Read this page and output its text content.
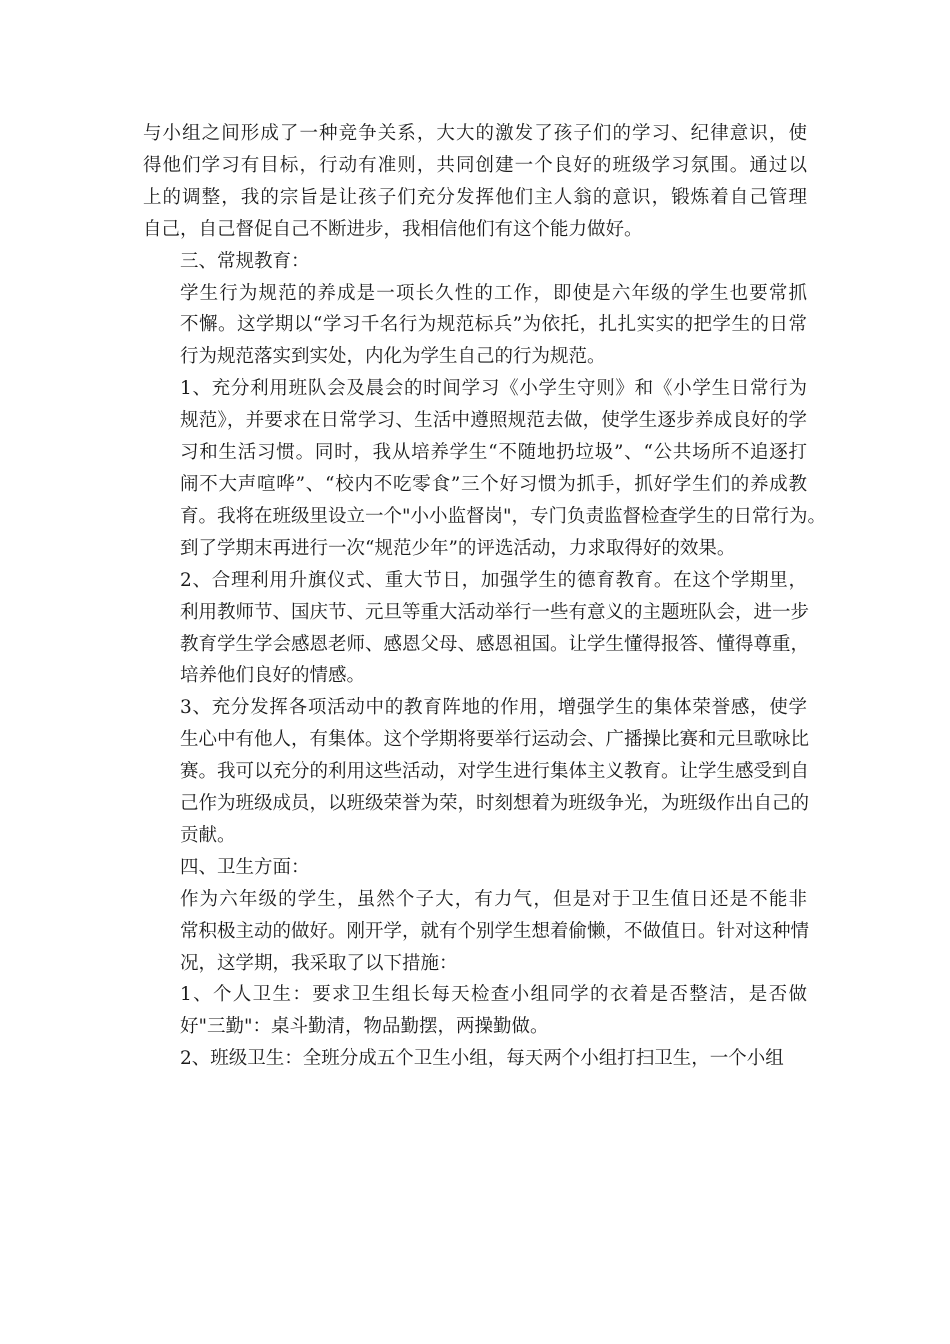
与小组之间形成了一种竞争关系，大大的激发了孩子们的学习、纪律意识，使
得他们学习有目标，行动有准则，共同创建一个良好的班级学习氛围。通过以
上的调整，我的宗旨是让孩子们充分发挥他们主人翁的意识，锻炼着自己管理
自己，自己督促自己不断进步，我相信他们有这个能力做好。

三、常规教育：

学生行为规范的养成是一项长久性的工作，即使是六年级的学生也要常抓
不懈。这学期以“学习千名行为规范标兵”为依托，扎扎实实的把学生的日常
行为规范落实到实处，内化为学生自己的行为规范。

1、充分利用班队会及晨会的时间学习《小学生守则》和《小学生日常行为
规范》，并要求在日常学习、生活中遵照规范去做，使学生逐步养成良好的学
习和生活习惯。同时，我从培养学生“不随地扔垃圾”、“公共场所不追逐打
闹不大声喧哗”、“校内不吃零食”三个好习惯为抓手，抓好学生们的养成教
育。我将在班级里设立一个"小小监督岗"，专门负责监督检查学生的日常行为。
到了学期末再进行一次“规范少年”的评选活动，力求取得好的效果。

2、合理利用升旗仪式、重大节日，加强学生的德育教育。在这个学期里，
利用教师节、国庆节、元旦等重大活动举行一些有意义的主题班队会，进一步
教育学生学会感恩老师、感恩父母、感恩祖国。让学生懂得报答、懂得尊重，
培养他们良好的情感。

3、充分发挥各项活动中的教育阵地的作用，增强学生的集体荣誉感，使学
生心中有他人，有集体。这个学期将要举行运动会、广播操比赛和元旦歌咏比
赛。我可以充分的利用这些活动，对学生进行集体主义教育。让学生感受到自
己作为班级成员，以班级荣誉为荣，时刻想着为班级争光，为班级作出自己的
贡献。

四、卫生方面：

作为六年级的学生，虽然个子大，有力气，但是对于卫生值日还是不能非
常积极主动的做好。刚开学，就有个别学生想着偷懒，不做值日。针对这种情
况，这学期，我采取了以下措施：

1、个人卫生：要求卫生组长每天检查小组同学的衣着是否整洁，是否做
好"三勤"：桌斗勤清，物品勤摆，两操勤做。

2、班级卫生：全班分成五个卫生小组，每天两个小组打扫卫生，一个小组
